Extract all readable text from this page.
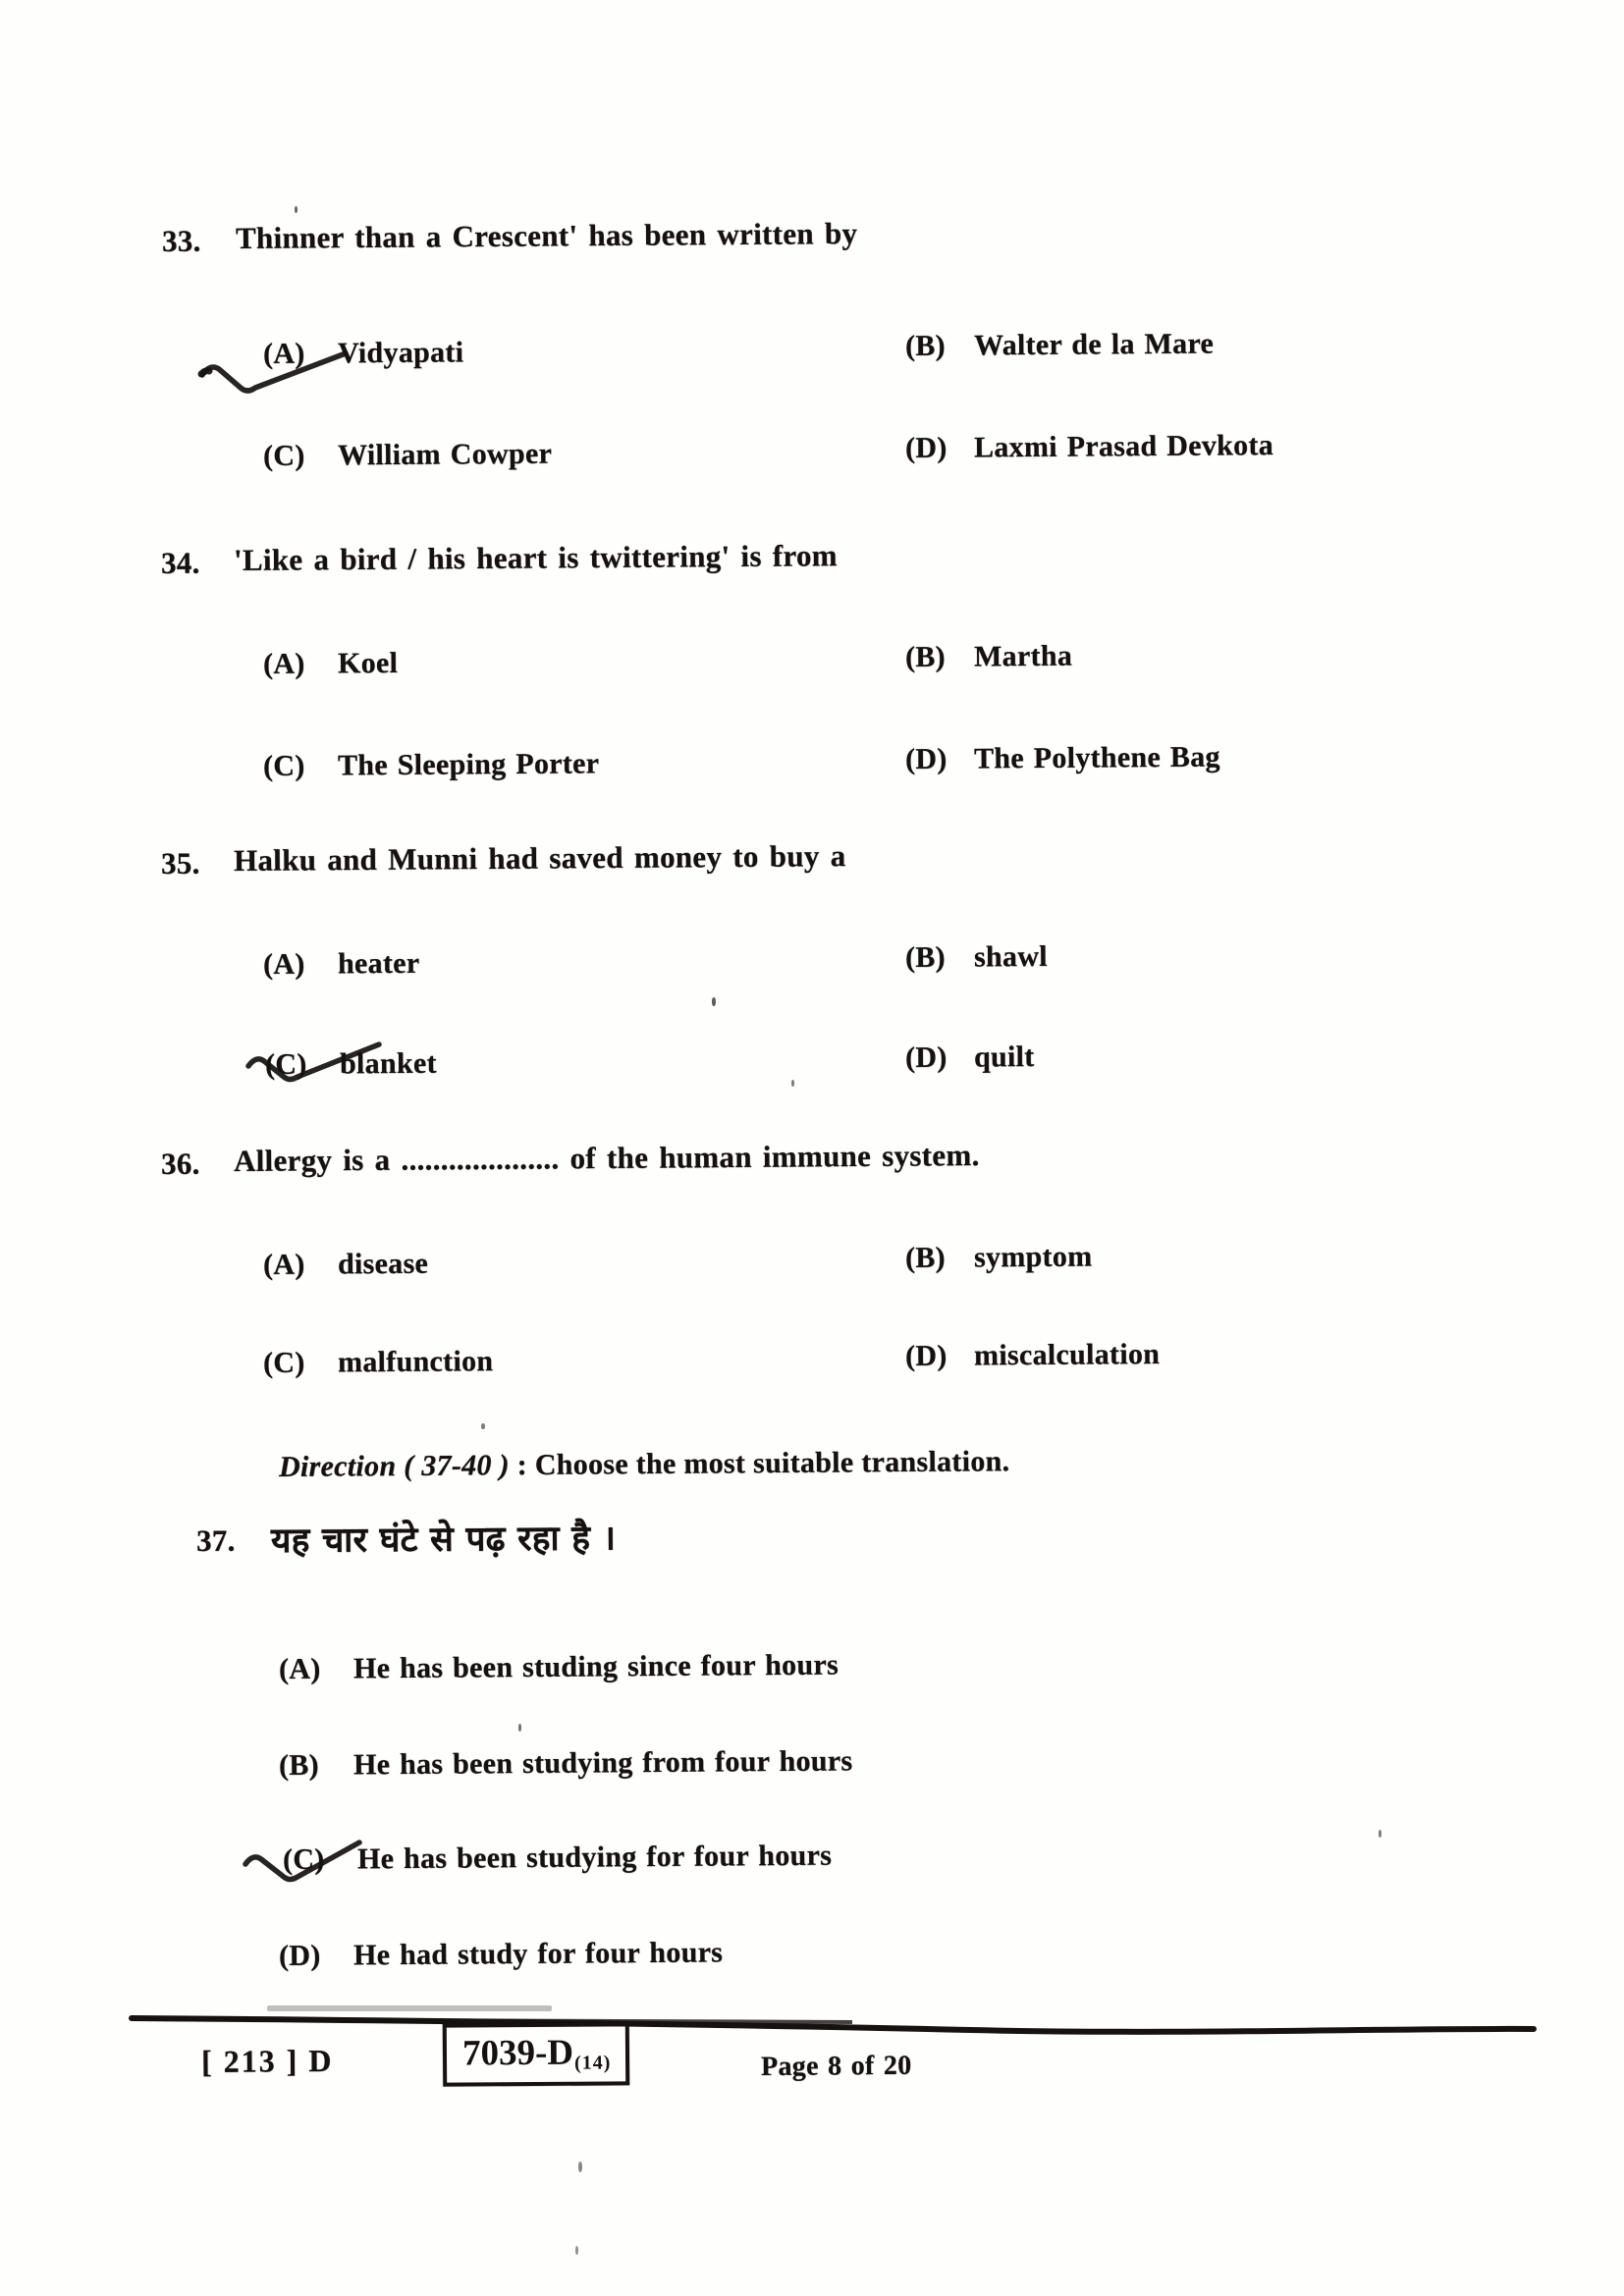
33. Thinner than a Crescent' has been written by
(A) Vidyapati	(B) Walter de la Mare
(C) William Cowper	(D) Laxmi Prasad Devkota
34. 'Like a bird / his heart is twittering' is from
(A) Koel	(B) Martha
(C) The Sleeping Porter	(D) The Polythene Bag
35. Halku and Munni had saved money to buy a
(A) heater	(B) shawl
(C) blanket	(D) quilt
36. Allergy is a .................... of the human immune system.
(A) disease	(B) symptom
(C) malfunction	(D) miscalculation
Direction ( 37-40 ) : Choose the most suitable translation.
37. यह चार घंटे से पढ़ रहा है ।
(A) He has been studing since four hours
(B) He has been studying from four hours
(C) He has been studying for four hours
(D) He had study for four hours
[ 213 ] D	7039-D(14)	Page 8 of 20
